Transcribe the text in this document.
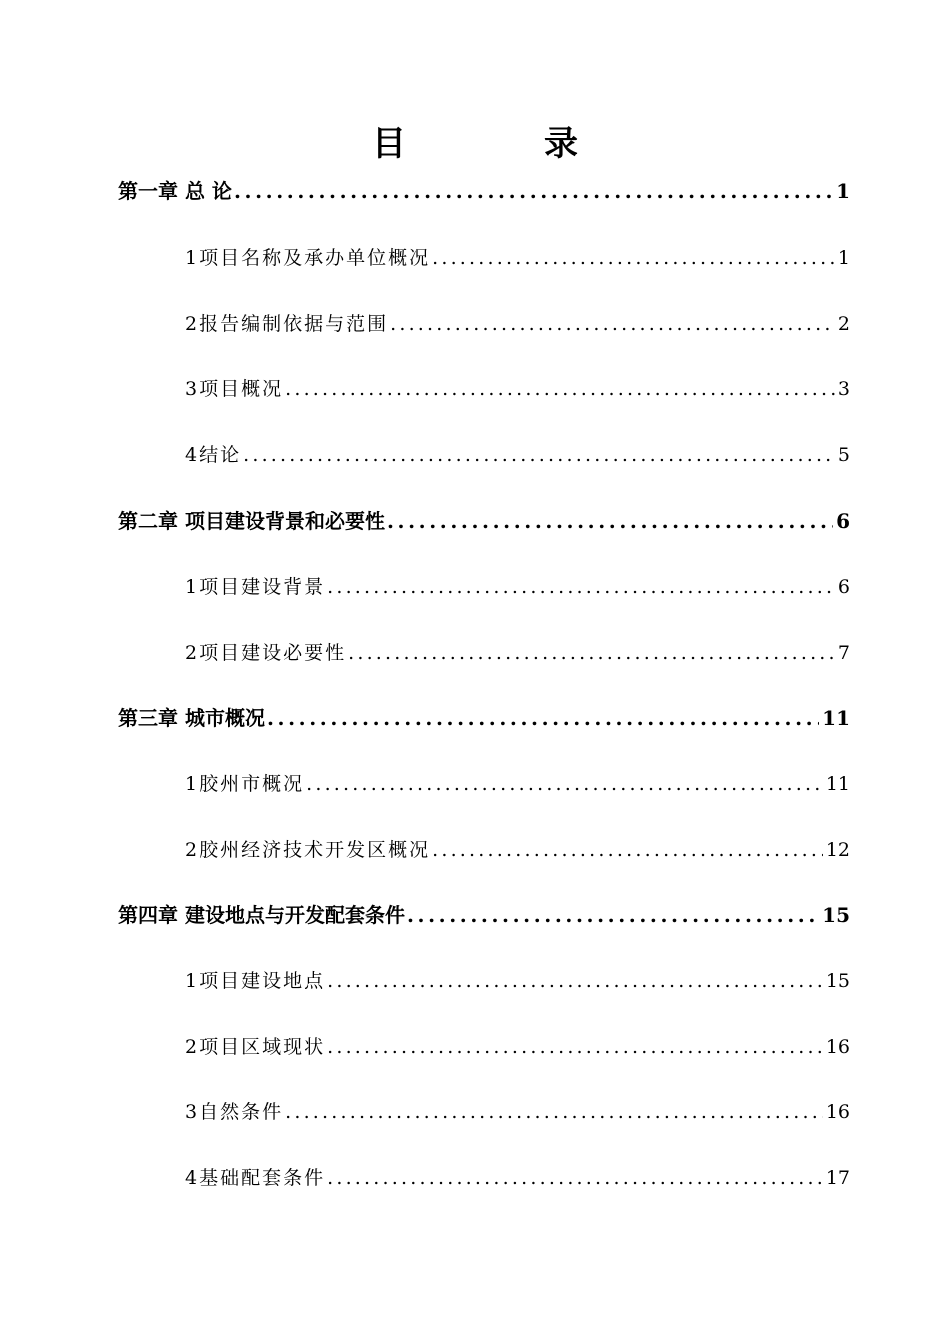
目　录
第一章 总 论 .....	1
1项目名称及承办单位概况 .....	1
2报告编制依据与范围 .....	2
3项目概况 .....	3
4结论 .....	5
第二章 项目建设背景和必要性 .....	6
1项目建设背景 .....	6
2项目建设必要性 .....	7
第三章 城市概况 .....	11
1胶州市概况 .....	11
2胶州经济技术开发区概况 .....	12
第四章 建设地点与开发配套条件 .....	15
1项目建设地点 .....	15
2项目区域现状 .....	16
3自然条件 .....	16
4基础配套条件 .....	17
